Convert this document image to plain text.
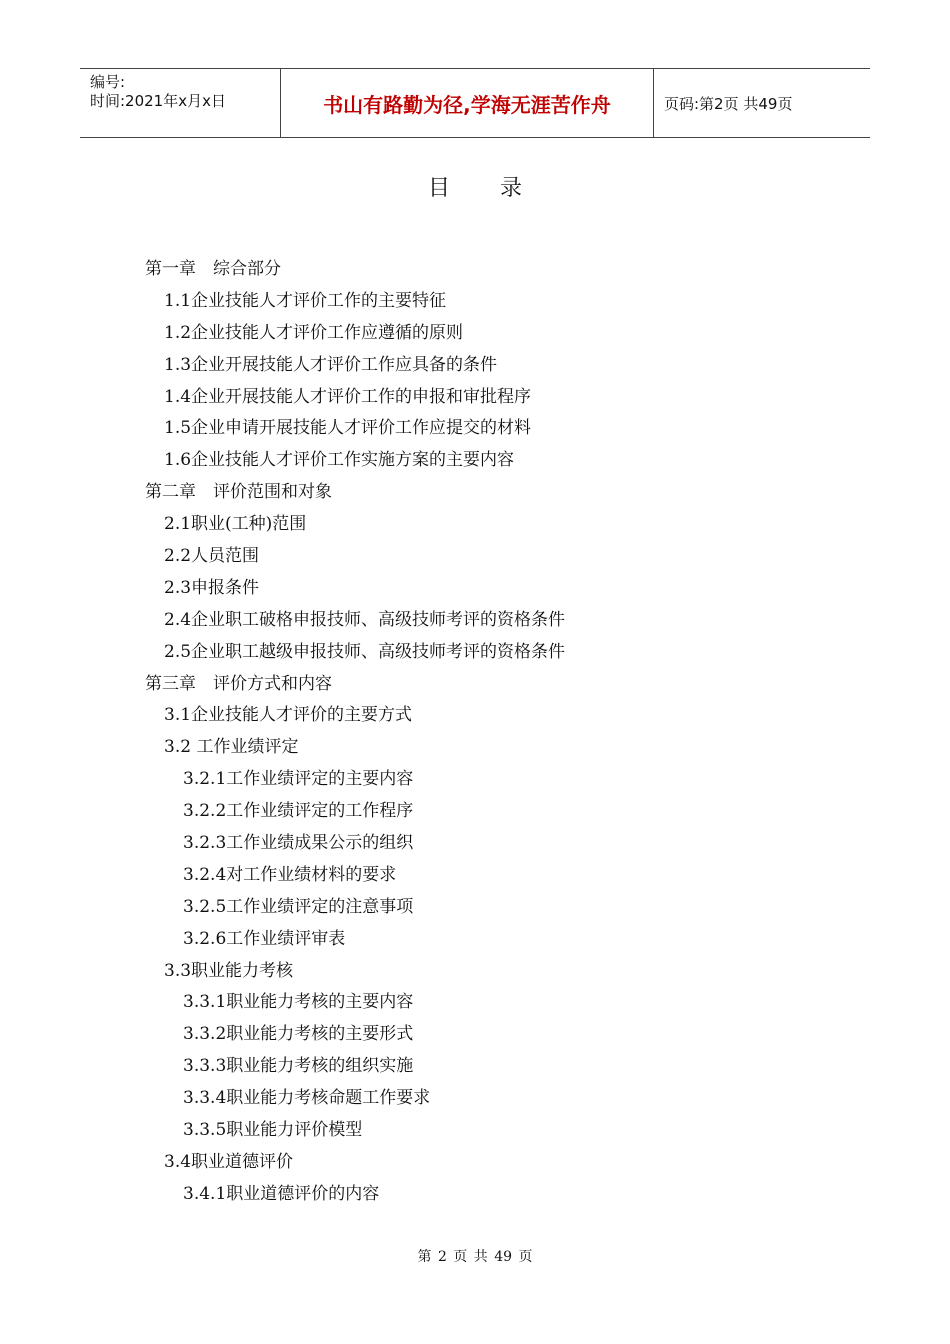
编号:
时间:2021年x月x日	书山有路勤为径,学海无涯苦作舟	页码:第2页 共49页
目录
第一章　综合部分
1.1企业技能人才评价工作的主要特征
1.2企业技能人才评价工作应遵循的原则
1.3企业开展技能人才评价工作应具备的条件
1.4企业开展技能人才评价工作的申报和审批程序
1.5企业申请开展技能人才评价工作应提交的材料
1.6企业技能人才评价工作实施方案的主要内容
第二章　评价范围和对象
2.1职业(工种)范围
2.2人员范围
2.3申报条件
2.4企业职工破格申报技师、高级技师考评的资格条件
2.5企业职工越级申报技师、高级技师考评的资格条件
第三章　评价方式和内容
3.1企业技能人才评价的主要方式
3.2 工作业绩评定
3.2.1工作业绩评定的主要内容
3.2.2工作业绩评定的工作程序
3.2.3工作业绩成果公示的组织
3.2.4对工作业绩材料的要求
3.2.5工作业绩评定的注意事项
3.2.6工作业绩评审表
3.3职业能力考核
3.3.1职业能力考核的主要内容
3.3.2职业能力考核的主要形式
3.3.3职业能力考核的组织实施
3.3.4职业能力考核命题工作要求
3.3.5职业能力评价模型
3.4职业道德评价
3.4.1职业道德评价的内容
第 2 页 共 49 页
